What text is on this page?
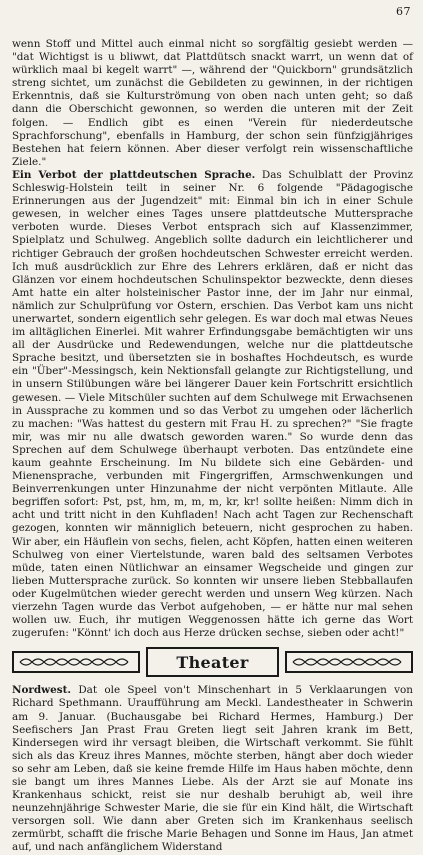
67

wenn Stoff und Mittel auch einmal nicht so sorgfältig gesiebt werden — "dat Wichtigst is u bliwwt, dat Plattdütsch snackt warrt, un wenn dat of würklich maal bi kegelt warrt" —, während der "Quickborn" grundsätzlich streng sichtet, um zunächst die Gebildeten zu gewinnen, in der richtigen Erkenntnis, daß sie Kulturströmung von oben nach unten geht; so daß dann die Oberschicht gewonnen, so werden die unteren mit der Zeit folgen. — Endlich gibt es einen "Verein für niederdeutsche Sprachforschung", ebenfalls in Hamburg, der schon sein fünfzigjähriges Bestehen hat feiern können. Aber dieser verfolgt rein wissenschaftliche Ziele."

Ein Verbot der plattdeutschen Sprache. Das Schulblatt der Provinz Schleswig-Holstein teilt in seiner Nr. 6 folgende "Pädagogische Erinnerungen aus der Jugendzeit" mit: Einmal bin ich in einer Schule gewesen, in welcher eines Tages unsere plattdeutsche Muttersprache verboten wurde. Dieses Verbot entsprach sich auf Klassenzimmer, Spielplatz und Schulweg. Angeblich sollte dadurch ein leichtlicherer und richtiger Gebrauch der großen hochdeutschen Schwester erreicht werden. Ich muß ausdrücklich zur Ehre des Lehrers erklären, daß er nicht das Glänzen vor einem hochdeutschen Schulinspektor bezweckte, denn dieses Amt hatte ein alter holsteinischer Pastor inne, der im Jahr nur einmal, nämlich zur Schulprüfung vor Ostern, erschien. Das Verbot kam uns nicht unerwartet, sondern eigentlich sehr gelegen. Es war doch mal etwas Neues im alltäglichen Einerlei. Mit wahrer Erfindungsgabe bemächtigten wir uns all der Ausdrücke und Redewendungen, welche nur die plattdeutsche Sprache besitzt, und übersetzten sie in boshaftes Hochdeutsch, es wurde ein "Über"-Messingsch, kein Nektionsfall gelangte zur Richtigstellung, und in unsern Stilübungen wäre bei längerer Dauer kein Fortschritt ersichtlich gewesen. — Viele Mitschüler suchten auf dem Schulwege mit Erwachsenen in Aussprache zu kommen und so das Verbot zu umgehen oder lächerlich zu machen: "Was hattest du gestern mit Frau H. zu sprechen?" "Sie fragte mir, was mir nu alle dwatsch geworden waren." So wurde denn das Sprechen auf dem Schulwege überhaupt verboten. Das entzündete eine kaum geahnte Erscheinung. Im Nu bildete sich eine Gebärden- und Mienensprache, verbunden mit Fingergriffen, Armschwenkungen und Beinverrenkungen unter Hinzunahme der nicht verpönten Mitlaute. Alle begriffen sofort: Pst, pst, hm, m, m, m, kr, kr! sollte heißen: Nimm dich in acht und tritt nicht in den Kuhfladen! Nach acht Tagen zur Rechenschaft gezogen, konnten wir männiglich beteuern, nicht gesprochen zu haben. Wir aber, ein Häuflein von sechs, fielen, acht Köpfen, hatten einen weiteren Schulweg von einer Viertelstunde, waren bald des seltsamen Verbotes müde, taten einen Nütlichwar an einsamer Wegscheide und gingen zur lieben Muttersprache zurück. So konnten wir unsere lieben Stebballaufen oder Kugelmütchen wieder gerecht werden und unsern Weg kürzen. Nach vierzehn Tagen wurde das Verbot aufgehoben, — er hätte nur mal sehen wollen uw. Euch, ihr mutigen Weggenossen hätte ich gerne das Wort zugerufen: "Könnt' ich doch aus Herze drücken sechse, sieben oder acht!"

Theater

Nordwest. Dat ole Speel von't Minschenhart in 5 Verklaarungen von Richard Spethmann. Uraufführung am Meckl. Landestheater in Schwerin am 9. Januar. (Buchausgabe bei Richard Hermes, Hamburg.) Der Seefischers Jan Prast Frau Greten liegt seit Jahren krank im Bett, Kindersegen wird ihr versagt bleiben, die Wirtschaft verkommt. Sie fühlt sich als das Kreuz ihres Mannes, möchte sterben, hängt aber doch wieder so sehr am Leben, daß sie keine fremde Hilfe im Haus haben möchte, denn sie bangt um ihres Mannes Liebe. Als der Arzt sie auf Monate ins Krankenhaus schickt, reist sie nur deshalb beruhigt ab, weil ihre neunzehnjährige Schwester Marie, die sie für ein Kind hält, die Wirtschaft versorgen soll. Wie dann aber Greten sich im Krankenhaus seelisch zermürbt, schafft die frische Marie Behagen und Sonne im Haus, Jan atmet auf, und nach anfänglichem Widerstand
